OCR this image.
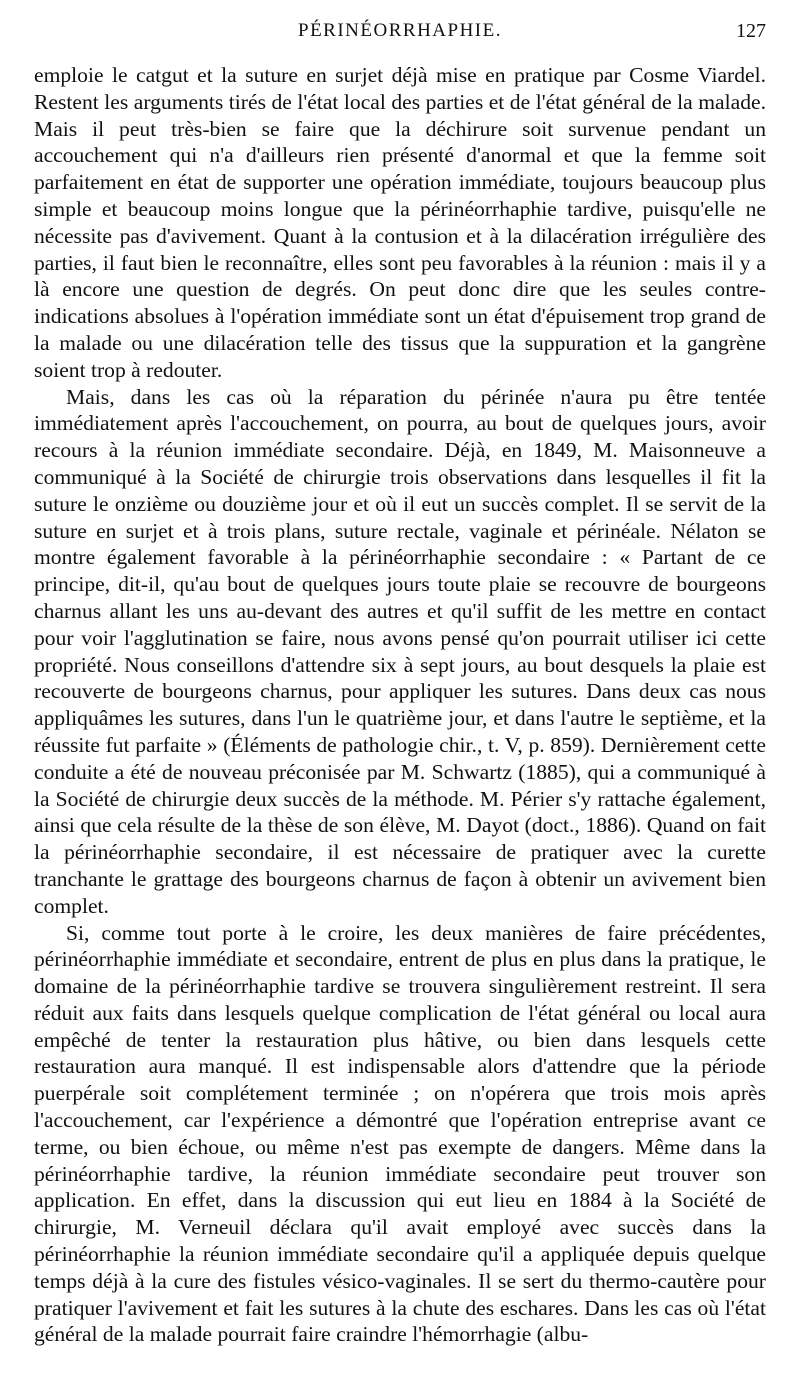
PÉRINÉORRHAPHIE.	127

emploie le catgut et la suture en surjet déjà mise en pratique par Cosme Viardel. Restent les arguments tirés de l'état local des parties et de l'état général de la malade. Mais il peut très-bien se faire que la déchirure soit survenue pendant un accouchement qui n'a d'ailleurs rien présenté d'anormal et que la femme soit parfaitement en état de supporter une opération immédiate, toujours beaucoup plus simple et beaucoup moins longue que la périnéorrhaphie tardive, puisqu'elle ne nécessite pas d'avivement. Quant à la contusion et à la dilacération irrégulière des parties, il faut bien le reconnaître, elles sont peu favorables à la réunion : mais il y a là encore une question de degrés. On peut donc dire que les seules contre-indications absolues à l'opération immédiate sont un état d'épuisement trop grand de la malade ou une dilacération telle des tissus que la suppuration et la gangrène soient trop à redouter.

Mais, dans les cas où la réparation du périnée n'aura pu être tentée immédiatement après l'accouchement, on pourra, au bout de quelques jours, avoir recours à la réunion immédiate secondaire. Déjà, en 1849, M. Maisonneuve a communiqué à la Société de chirurgie trois observations dans lesquelles il fit la suture le onzième ou douzième jour et où il eut un succès complet. Il se servit de la suture en surjet et à trois plans, suture rectale, vaginale et périnéale. Nélaton se montre également favorable à la périnéorrhaphie secondaire : « Partant de ce principe, dit-il, qu'au bout de quelques jours toute plaie se recouvre de bourgeons charnus allant les uns au-devant des autres et qu'il suffit de les mettre en contact pour voir l'agglutination se faire, nous avons pensé qu'on pourrait utiliser ici cette propriété. Nous conseillons d'attendre six à sept jours, au bout desquels la plaie est recouverte de bourgeons charnus, pour appliquer les sutures. Dans deux cas nous appliquâmes les sutures, dans l'un le quatrième jour, et dans l'autre le septième, et la réussite fut parfaite » (Éléments de pathologie chir., t. V, p. 859). Dernièrement cette conduite a été de nouveau préconisée par M. Schwartz (1885), qui a communiqué à la Société de chirurgie deux succès de la méthode. M. Périer s'y rattache également, ainsi que cela résulte de la thèse de son élève, M. Dayot (doct., 1886). Quand on fait la périnéorrhaphie secondaire, il est nécessaire de pratiquer avec la curette tranchante le grattage des bourgeons charnus de façon à obtenir un avivement bien complet.

Si, comme tout porte à le croire, les deux manières de faire précédentes, périnéorrhaphie immédiate et secondaire, entrent de plus en plus dans la pratique, le domaine de la périnéorrhaphie tardive se trouvera singulièrement restreint. Il sera réduit aux faits dans lesquels quelque complication de l'état général ou local aura empêché de tenter la restauration plus hâtive, ou bien dans lesquels cette restauration aura manqué. Il est indispensable alors d'attendre que la période puerpérale soit complétement terminée ; on n'opérera que trois mois après l'accouchement, car l'expérience a démontré que l'opération entreprise avant ce terme, ou bien échoue, ou même n'est pas exempte de dangers. Même dans la périnéorrhaphie tardive, la réunion immédiate secondaire peut trouver son application. En effet, dans la discussion qui eut lieu en 1884 à la Société de chirurgie, M. Verneuil déclara qu'il avait employé avec succès dans la périnéorrhaphie la réunion immédiate secondaire qu'il a appliquée depuis quelque temps déjà à la cure des fistules vésico-vaginales. Il se sert du thermo-cautère pour pratiquer l'avivement et fait les sutures à la chute des eschares. Dans les cas où l'état général de la malade pourrait faire craindre l'hémorrhagie (albu-
